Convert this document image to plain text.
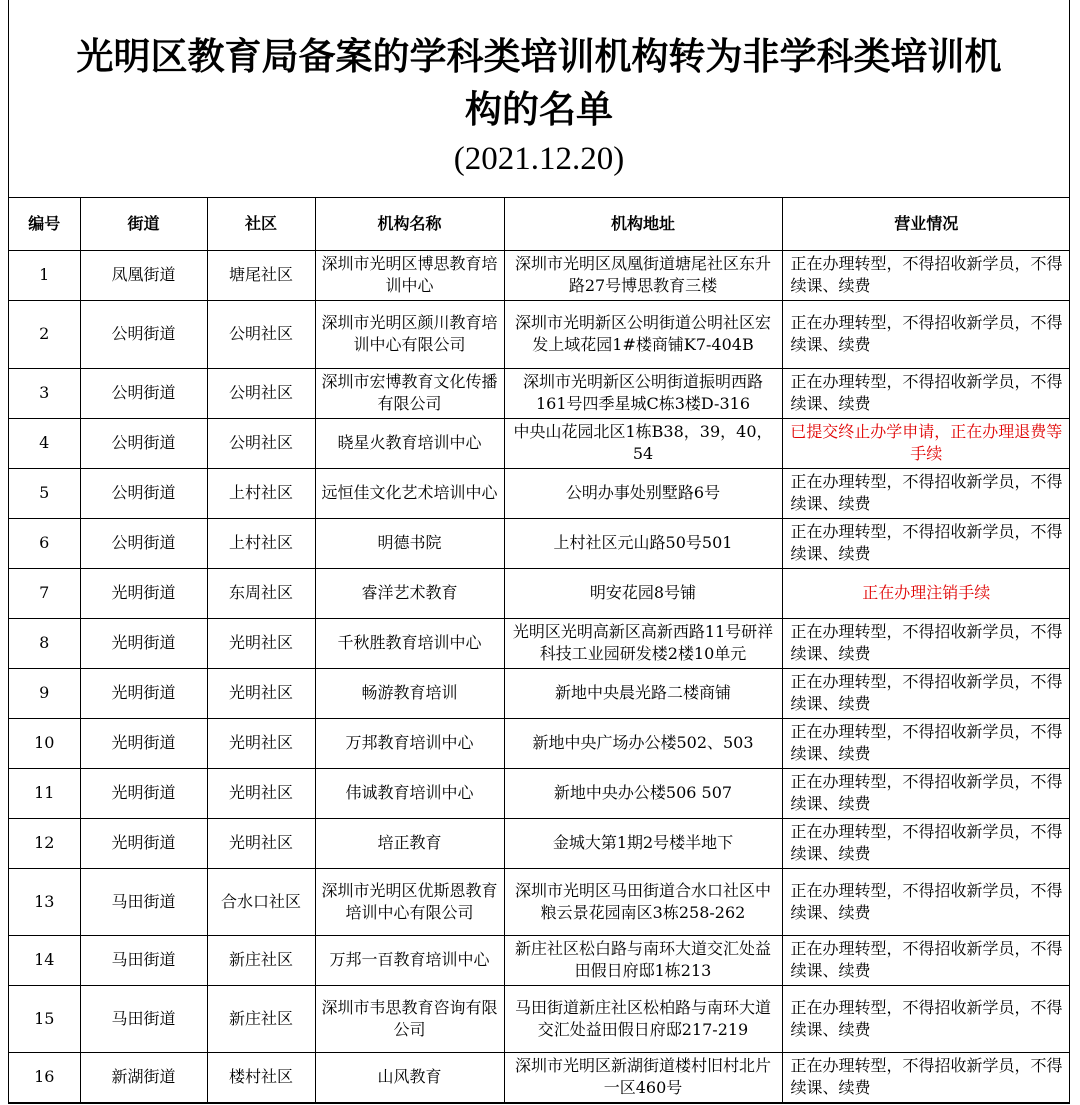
光明区教育局备案的学科类培训机构转为非学科类培训机
构的名单
(2021.12.20)
编号	街道	社区	机构名称	机构地址	营业情况
1	凤凰街道	塘尾社区	深圳市光明区博思教育培训中心	深圳市光明区凤凰街道塘尾社区东升路27号博思教育三楼	正在办理转型，不得招收新学员，不得续课、续费
2	公明街道	公明社区	深圳市光明区颜川教育培训中心有限公司	深圳市光明新区公明街道公明社区宏发上域花园1#楼商铺K7-404B	正在办理转型，不得招收新学员，不得续课、续费
3	公明街道	公明社区	深圳市宏博教育文化传播有限公司	深圳市光明新区公明街道振明西路161号四季星城C栋3楼D-316	正在办理转型，不得招收新学员，不得续课、续费
4	公明街道	公明社区	晓星火教育培训中心	中央山花园北区1栋B38，39，40，54	已提交终止办学申请，正在办理退费等手续
5	公明街道	上村社区	远恒佳文化艺术培训中心	公明办事处别墅路6号	正在办理转型，不得招收新学员，不得续课、续费
6	公明街道	上村社区	明德书院	上村社区元山路50号501	正在办理转型，不得招收新学员，不得续课、续费
7	光明街道	东周社区	睿洋艺术教育	明安花园8号铺	正在办理注销手续
8	光明街道	光明社区	千秋胜教育培训中心	光明区光明高新区高新西路11号研祥科技工业园研发楼2楼10单元	正在办理转型，不得招收新学员，不得续课、续费
9	光明街道	光明社区	畅游教育培训	新地中央晨光路二楼商铺	正在办理转型，不得招收新学员，不得续课、续费
10	光明街道	光明社区	万邦教育培训中心	新地中央广场办公楼502、503	正在办理转型，不得招收新学员，不得续课、续费
11	光明街道	光明社区	伟诚教育培训中心	新地中央办公楼506 507	正在办理转型，不得招收新学员，不得续课、续费
12	光明街道	光明社区	培正教育	金城大第1期2号楼半地下	正在办理转型，不得招收新学员，不得续课、续费
13	马田街道	合水口社区	深圳市光明区优斯恩教育培训中心有限公司	深圳市光明区马田街道合水口社区中粮云景花园南区3栋258-262	正在办理转型，不得招收新学员，不得续课、续费
14	马田街道	新庄社区	万邦一百教育培训中心	新庄社区松白路与南环大道交汇处益田假日府邸1栋213	正在办理转型，不得招收新学员，不得续课、续费
15	马田街道	新庄社区	深圳市韦思教育咨询有限公司	马田街道新庄社区松柏路与南环大道交汇处益田假日府邸217-219	正在办理转型，不得招收新学员，不得续课、续费
16	新湖街道	楼村社区	山风教育	深圳市光明区新湖街道楼村旧村北片一区460号	正在办理转型，不得招收新学员，不得续课、续费
